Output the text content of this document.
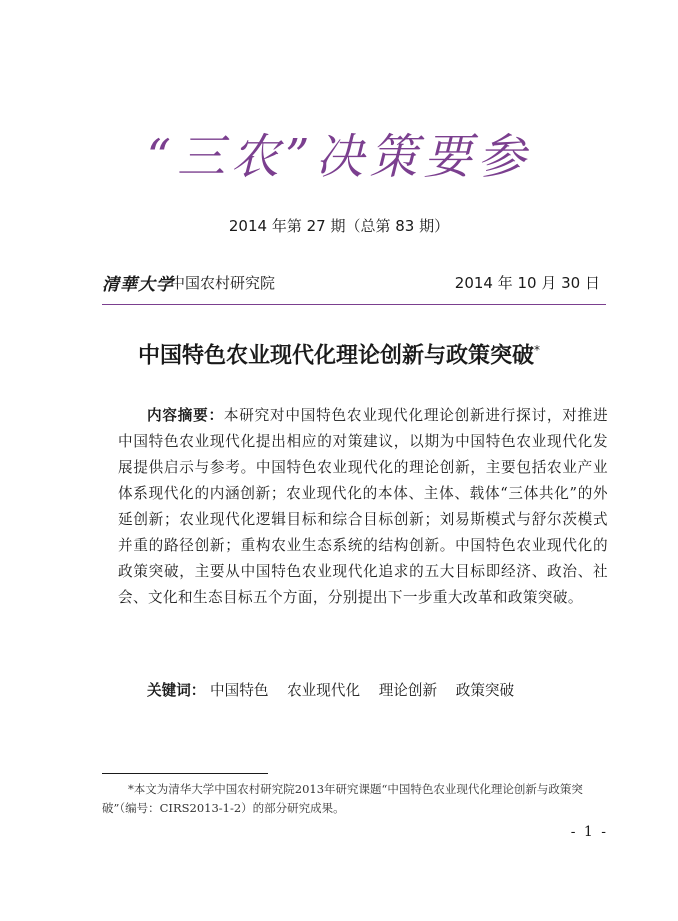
“三农”决策要参
2014 年第 27 期（总第 83 期）
清華大学
中国农村研究院	2014 年 10 月 30 日
中国特色农业现代化理论创新与政策突破*
内容摘要：本研究对中国特色农业现代化理论创新进行探讨，对推进中国特色农业现代化提出相应的对策建议，以期为中国特色农业现代化发展提供启示与参考。中国特色农业现代化的理论创新，主要包括农业产业体系现代化的内涵创新；农业现代化的本体、主体、载体“三体共化”的外延创新；农业现代化逻辑目标和综合目标创新；刘易斯模式与舒尔茨模式并重的路径创新；重构农业生态系统的结构创新。中国特色农业现代化的政策突破，主要从中国特色农业现代化追求的五大目标即经济、政治、社会、文化和生态目标五个方面，分别提出下一步重大改革和政策突破。
关键词： 中国特色 农业现代化 理论创新 政策突破
*本文为清华大学中国农村研究院2013年研究课题“中国特色农业现代化理论创新与政策突破”（编号：CIRS2013-1-2）的部分研究成果。
- 1 -
